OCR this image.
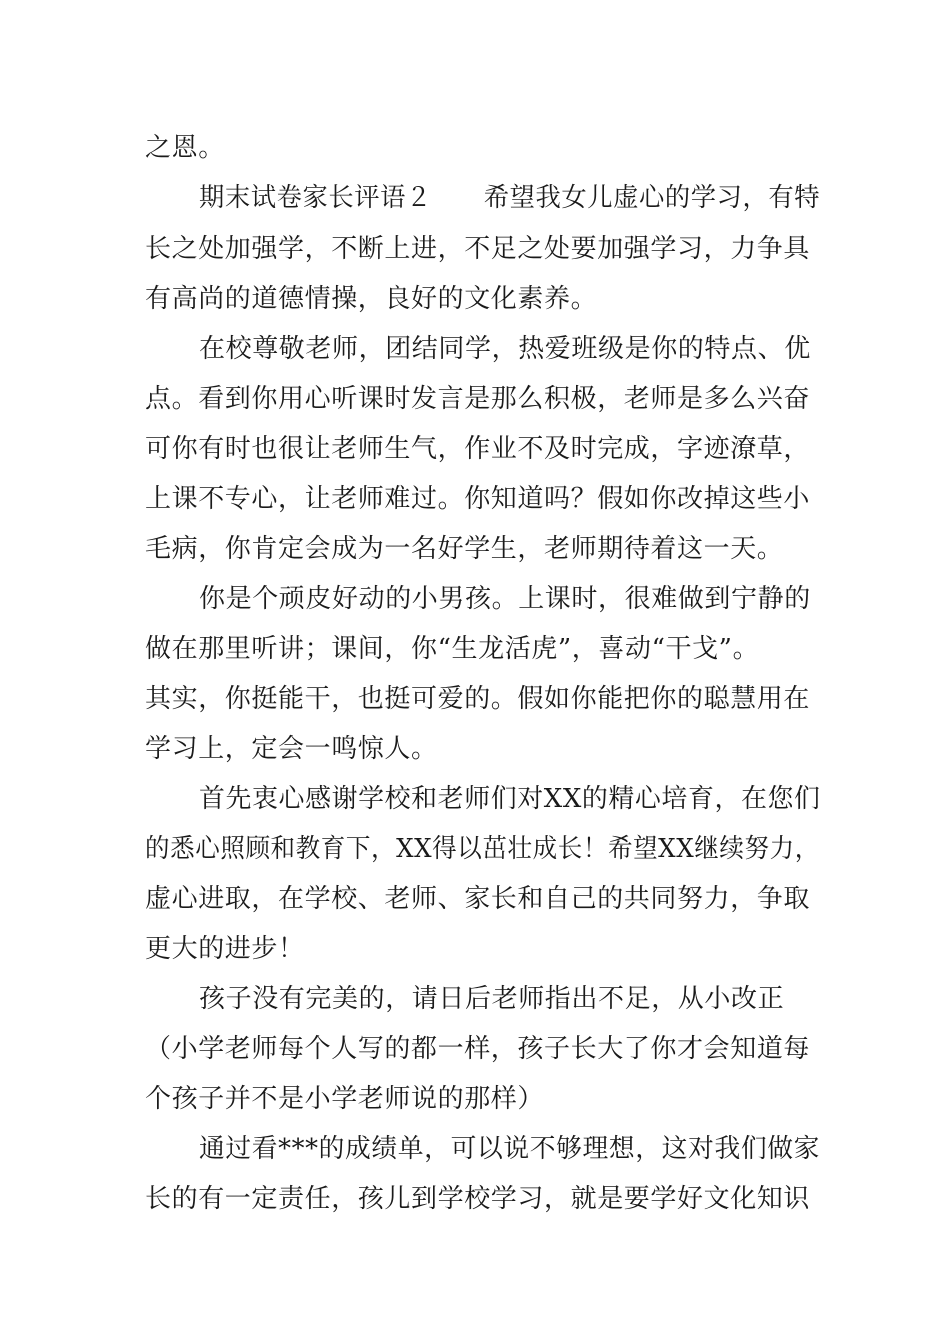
之恩。
期末试卷家长评语２　　希望我女儿虚心的学习，有特
长之处加强学，不断上进，不足之处要加强学习，力争具
有高尚的道德情操，良好的文化素养。
在校尊敬老师，团结同学，热爱班级是你的特点、优
点。看到你用心听课时发言是那么积极，老师是多么兴奋
可你有时也很让老师生气，作业不及时完成，字迹潦草，
上课不专心，让老师难过。你知道吗？假如你改掉这些小
毛病，你肯定会成为一名好学生，老师期待着这一天。
你是个顽皮好动的小男孩。上课时，很难做到宁静的
做在那里听讲；课间，你“生龙活虎”，喜动“干戈”。
其实，你挺能干，也挺可爱的。假如你能把你的聪慧用在
学习上，定会一鸣惊人。
首先衷心感谢学校和老师们对XX的精心培育，在您们
的悉心照顾和教育下，XX得以茁壮成长！希望XX继续努力，
虚心进取，在学校、老师、家长和自己的共同努力，争取
更大的进步！
孩子没有完美的，请日后老师指出不足，从小改正
（小学老师每个人写的都一样，孩子长大了你才会知道每
个孩子并不是小学老师说的那样）
通过看***的成绩单，可以说不够理想，这对我们做家
长的有一定责任，孩儿到学校学习，就是要学好文化知识
